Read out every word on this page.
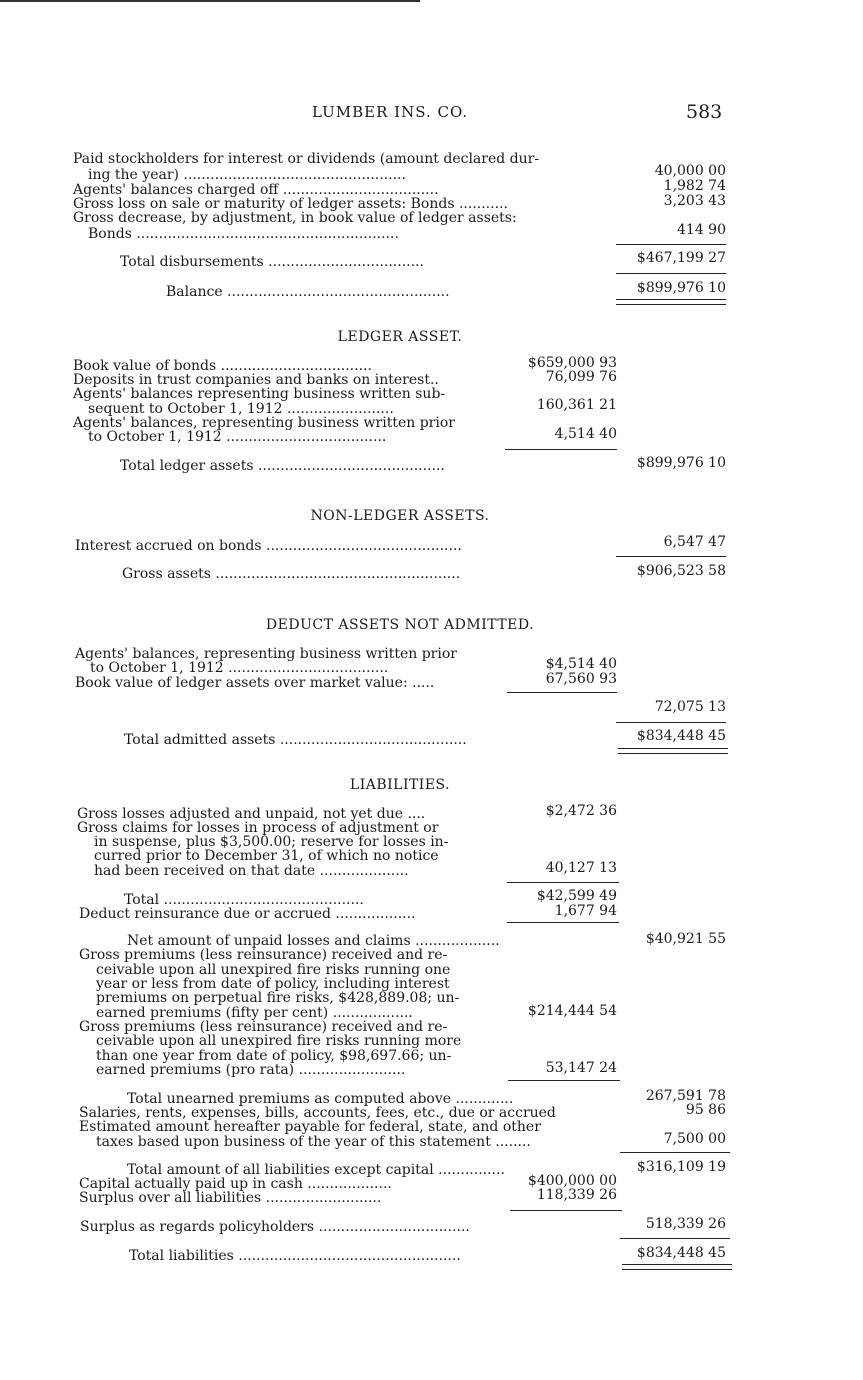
LUMBER INS. CO.	583
Paid stockholders for interest or dividends (amount declared dur-
ing the year) ..................................................	40,000 00
Agents' balances charged off ...................................	1,982 74
Gross loss on sale or maturity of ledger assets: Bonds ...........	3,203 43
Gross decrease, by adjustment, in book value of ledger assets:
Bonds ...........................................................	414 90
Total disbursements ...................................	$467,199 27
Balance ..................................................	$899,976 10
LEDGER ASSET.
Book value of bonds ..................................	$659,000 93
Deposits in trust companies and banks on interest..	76,099 76
Agents' balances representing business written sub-
sequent to October 1, 1912 ........................	160,361 21
Agents' balances, representing business written prior
to October 1, 1912 ....................................	4,514 40
Total ledger assets ..........................................	$899,976 10
NON-LEDGER ASSETS.
Interest accrued on bonds ............................................	6,547 47
Gross assets .......................................................	$906,523 58
DEDUCT ASSETS NOT ADMITTED.
Agents' balances, representing business written prior
to October 1, 1912 ....................................	$4,514 40
Book value of ledger assets over market value: .....	67,560 93
72,075 13
Total admitted assets ..........................................	$834,448 45
LIABILITIES.
Gross losses adjusted and unpaid, not yet due ....	$2,472 36
Gross claims for losses in process of adjustment or
in suspense, plus $3,500.00; reserve for losses in-
curred prior to December 31, of which no notice
had been received on that date ....................	40,127 13
Total .............................................	$42,599 49
Deduct reinsurance due or accrued ..................	1,677 94
Net amount of unpaid losses and claims ...................	$40,921 55
Gross premiums (less reinsurance) received and re-
ceivable upon all unexpired fire risks running one
year or less from date of policy, including interest
premiums on perpetual fire risks, $428,889.08; un-
earned premiums (fifty per cent) ..................	$214,444 54
Gross premiums (less reinsurance) received and re-
ceivable upon all unexpired fire risks running more
than one year from date of policy, $98,697.66; un-
earned premiums (pro rata) ........................	53,147 24
Total unearned premiums as computed above .............	267,591 78
Salaries, rents, expenses, bills, accounts, fees, etc., due or accrued	95 86
Estimated amount hereafter payable for federal, state, and other
taxes based upon business of the year of this statement ........	7,500 00
Total amount of all liabilities except capital ...............	$316,109 19
Capital actually paid up in cash ...................	$400,000 00
Surplus over all liabilities ..........................	118,339 26
Surplus as regards policyholders ..................................	518,339 26
Total liabilities ..................................................	$834,448 45
